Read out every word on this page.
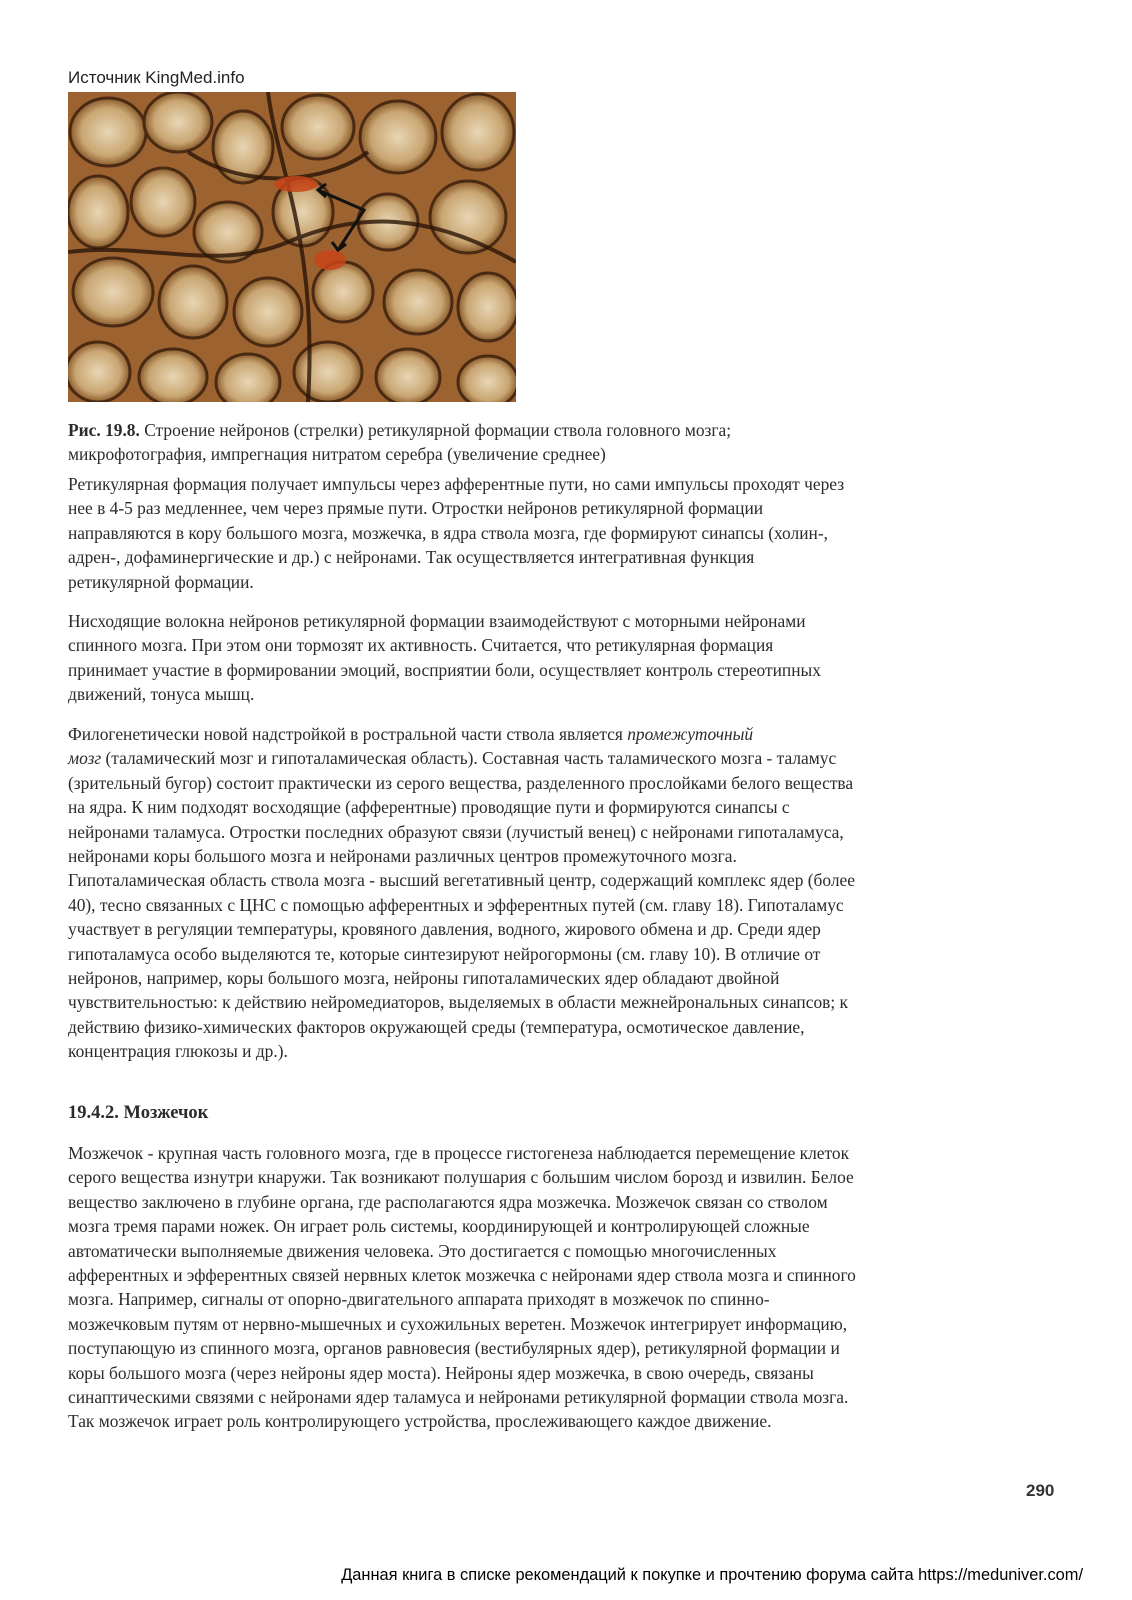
Источник KingMed.info
Рис. 19.8. Строение нейронов (стрелки) ретикулярной формации ствола головного мозга;
микрофотография, импрегнация нитратом серебра (увеличение среднее)

Ретикулярная формация получает импульсы через афферентные пути, но сами импульсы проходят через
нее в 4-5 раз медленнее, чем через прямые пути. Отростки нейронов ретикулярной формации
направляются в кору большого мозга, мозжечка, в ядра ствола мозга, где формируют синапсы (холин-,
адрен-, дофаминергические и др.) с нейронами. Так осуществляется интегративная функция
ретикулярной формации.

Нисходящие волокна нейронов ретикулярной формации взаимодействуют с моторными нейронами
спинного мозга. При этом они тормозят их активность. Считается, что ретикулярная формация
принимает участие в формировании эмоций, восприятии боли, осуществляет контроль стереотипных
движений, тонуса мышц.

Филогенетически новой надстройкой в ростральной части ствола является промежуточный
мозг (таламический мозг и гипоталамическая область). Составная часть таламического мозга - таламус
(зрительный бугор) состоит практически из серого вещества, разделенного прослойками белого вещества
на ядра. К ним подходят восходящие (афферентные) проводящие пути и формируются синапсы с
нейронами таламуса. Отростки последних образуют связи (лучистый венец) с нейронами гипоталамуса,
нейронами коры большого мозга и нейронами различных центров промежуточного мозга.
Гипоталамическая область ствола мозга - высший вегетативный центр, содержащий комплекс ядер (более
40), тесно связанных с ЦНС с помощью афферентных и эфферентных путей (см. главу 18). Гипоталамус
участвует в регуляции температуры, кровяного давления, водного, жирового обмена и др. Среди ядер
гипоталамуса особо выделяются те, которые синтезируют нейрогормоны (см. главу 10). В отличие от
нейронов, например, коры большого мозга, нейроны гипоталамических ядер обладают двойной
чувствительностью: к действию нейромедиаторов, выделяемых в области межнейрональных синапсов; к
действию физико-химических факторов окружающей среды (температура, осмотическое давление,
концентрация глюкозы и др.).

19.4.2. Мозжечок

Мозжечок - крупная часть головного мозга, где в процессе гистогенеза наблюдается перемещение клеток
серого вещества изнутри кнаружи. Так возникают полушария с большим числом борозд и извилин. Белое
вещество заключено в глубине органа, где располагаются ядра мозжечка. Мозжечок связан со стволом
мозга тремя парами ножек. Он играет роль системы, координирующей и контролирующей сложные
автоматически выполняемые движения человека. Это достигается с помощью многочисленных
афферентных и эфферентных связей нервных клеток мозжечка с нейронами ядер ствола мозга и спинного
мозга. Например, сигналы от опорно-двигательного аппарата приходят в мозжечок по спинно-
мозжечковым путям от нервно-мышечных и сухожильных веретен. Мозжечок интегрирует информацию,
поступающую из спинного мозга, органов равновесия (вестибулярных ядер), ретикулярной формации и
коры большого мозга (через нейроны ядер моста). Нейроны ядер мозжечка, в свою очередь, связаны
синаптическими связями с нейронами ядер таламуса и нейронами ретикулярной формации ствола мозга.
Так мозжечок играет роль контролирующего устройства, прослеживающего каждое движение.

290
Данная книга в списке рекомендаций к покупке и прочтению форума сайта https://meduniver.com/
